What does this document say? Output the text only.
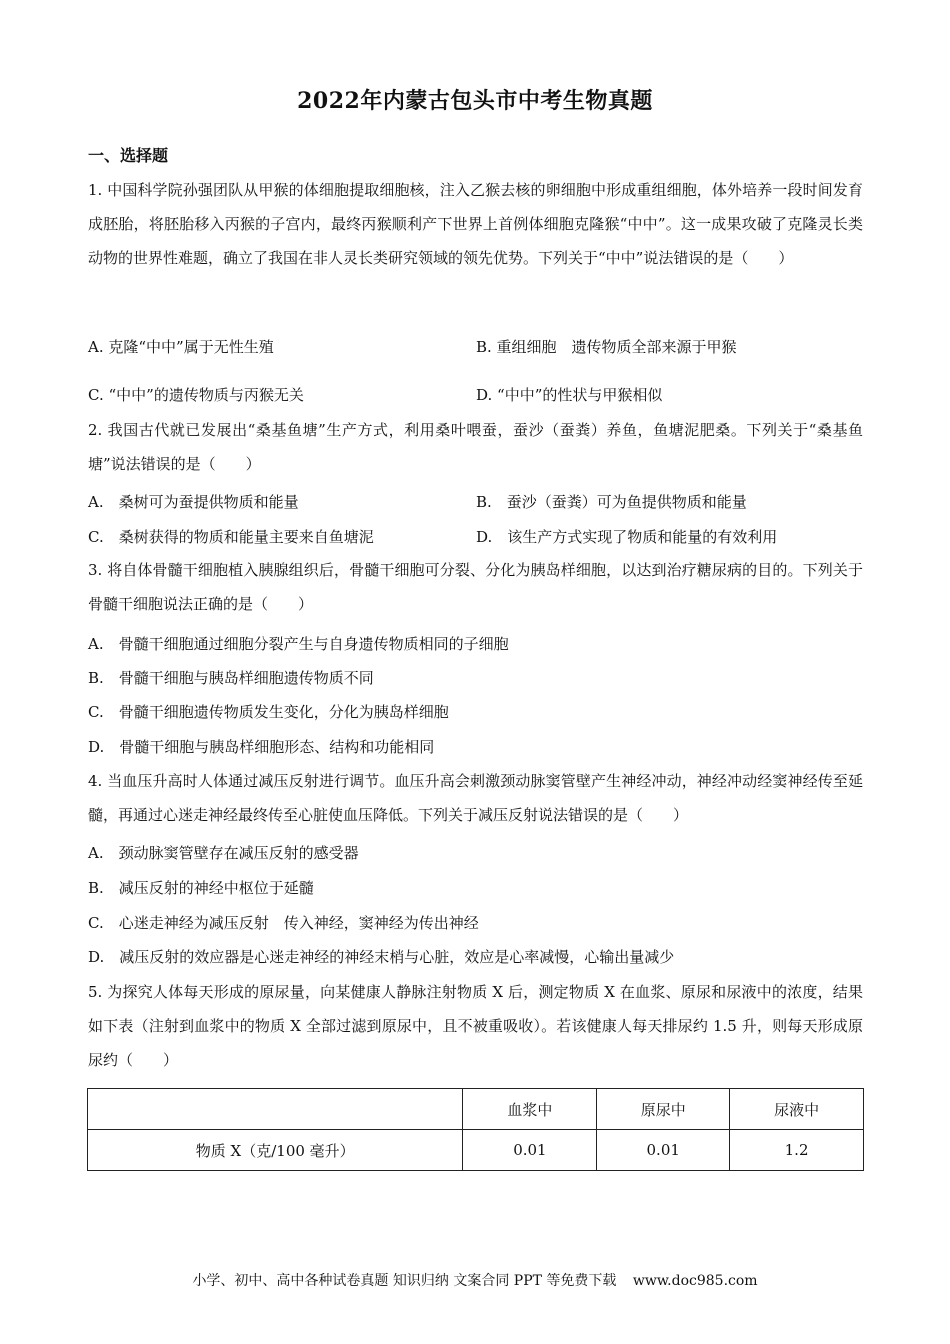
2022年内蒙古包头市中考生物真题
一、选择题

1. 中国科学院孙强团队从甲猴的体细胞提取细胞核，注入乙猴去核的卵细胞中形成重组细胞，体外培养一段时间发育成胚胎，将胚胎移入丙猴的子宫内，最终丙猴顺利产下世界上首例体细胞克隆猴“中中”。这一成果攻破了克隆灵长类动物的世界性难题，确立了我国在非人灵长类研究领域的领先优势。下列关于“中中”说法错误的是（　　）

A. 克隆“中中”属于无性生殖	B. 重组细胞　遗传物质全部来源于甲猴
C. “中中”的遗传物质与丙猴无关	D. “中中”的性状与甲猴相似

2. 我国古代就已发展出“桑基鱼塘”生产方式，利用桑叶喂蚕，蚕沙（蚕粪）养鱼，鱼塘泥肥桑。下列关于“桑基鱼塘”说法错误的是（　　）

A.　桑树可为蚕提供物质和能量	B.　蚕沙（蚕粪）可为鱼提供物质和能量
C.　桑树获得的物质和能量主要来自鱼塘泥	D.　该生产方式实现了物质和能量的有效利用

3. 将自体骨髓干细胞植入胰腺组织后，骨髓干细胞可分裂、分化为胰岛样细胞，以达到治疗糖尿病的目的。下列关于骨髓干细胞说法正确的是（　　）

A.　骨髓干细胞通过细胞分裂产生与自身遗传物质相同的子细胞
B.　骨髓干细胞与胰岛样细胞遗传物质不同
C.　骨髓干细胞遗传物质发生变化，分化为胰岛样细胞
D.　骨髓干细胞与胰岛样细胞形态、结构和功能相同

4. 当血压升高时人体通过减压反射进行调节。血压升高会刺激颈动脉窦管壁产生神经冲动，神经冲动经窦神经传至延髓，再通过心迷走神经最终传至心脏使血压降低。下列关于减压反射说法错误的是（　　）

A.　颈动脉窦管壁存在减压反射的感受器
B.　减压反射的神经中枢位于延髓
C.　心迷走神经为减压反射　传入神经，窦神经为传出神经
D.　减压反射的效应器是心迷走神经的神经末梢与心脏，效应是心率减慢，心输出量减少

5. 为探究人体每天形成的原尿量，向某健康人静脉注射物质 X 后，测定物质 X 在血浆、原尿和尿液中的浓度，结果如下表（注射到血浆中的物质 X 全部过滤到原尿中，且不被重吸收）。若该健康人每天排尿约 1.5 升，则每天形成原尿约（　　）

	血浆中	原尿中	尿液中
物质 X（克/100 毫升）	0.01	0.01	1.2
小学、初中、高中各种试卷真题 知识归纳 文案合同 PPT 等免费下载 www.doc985.com
